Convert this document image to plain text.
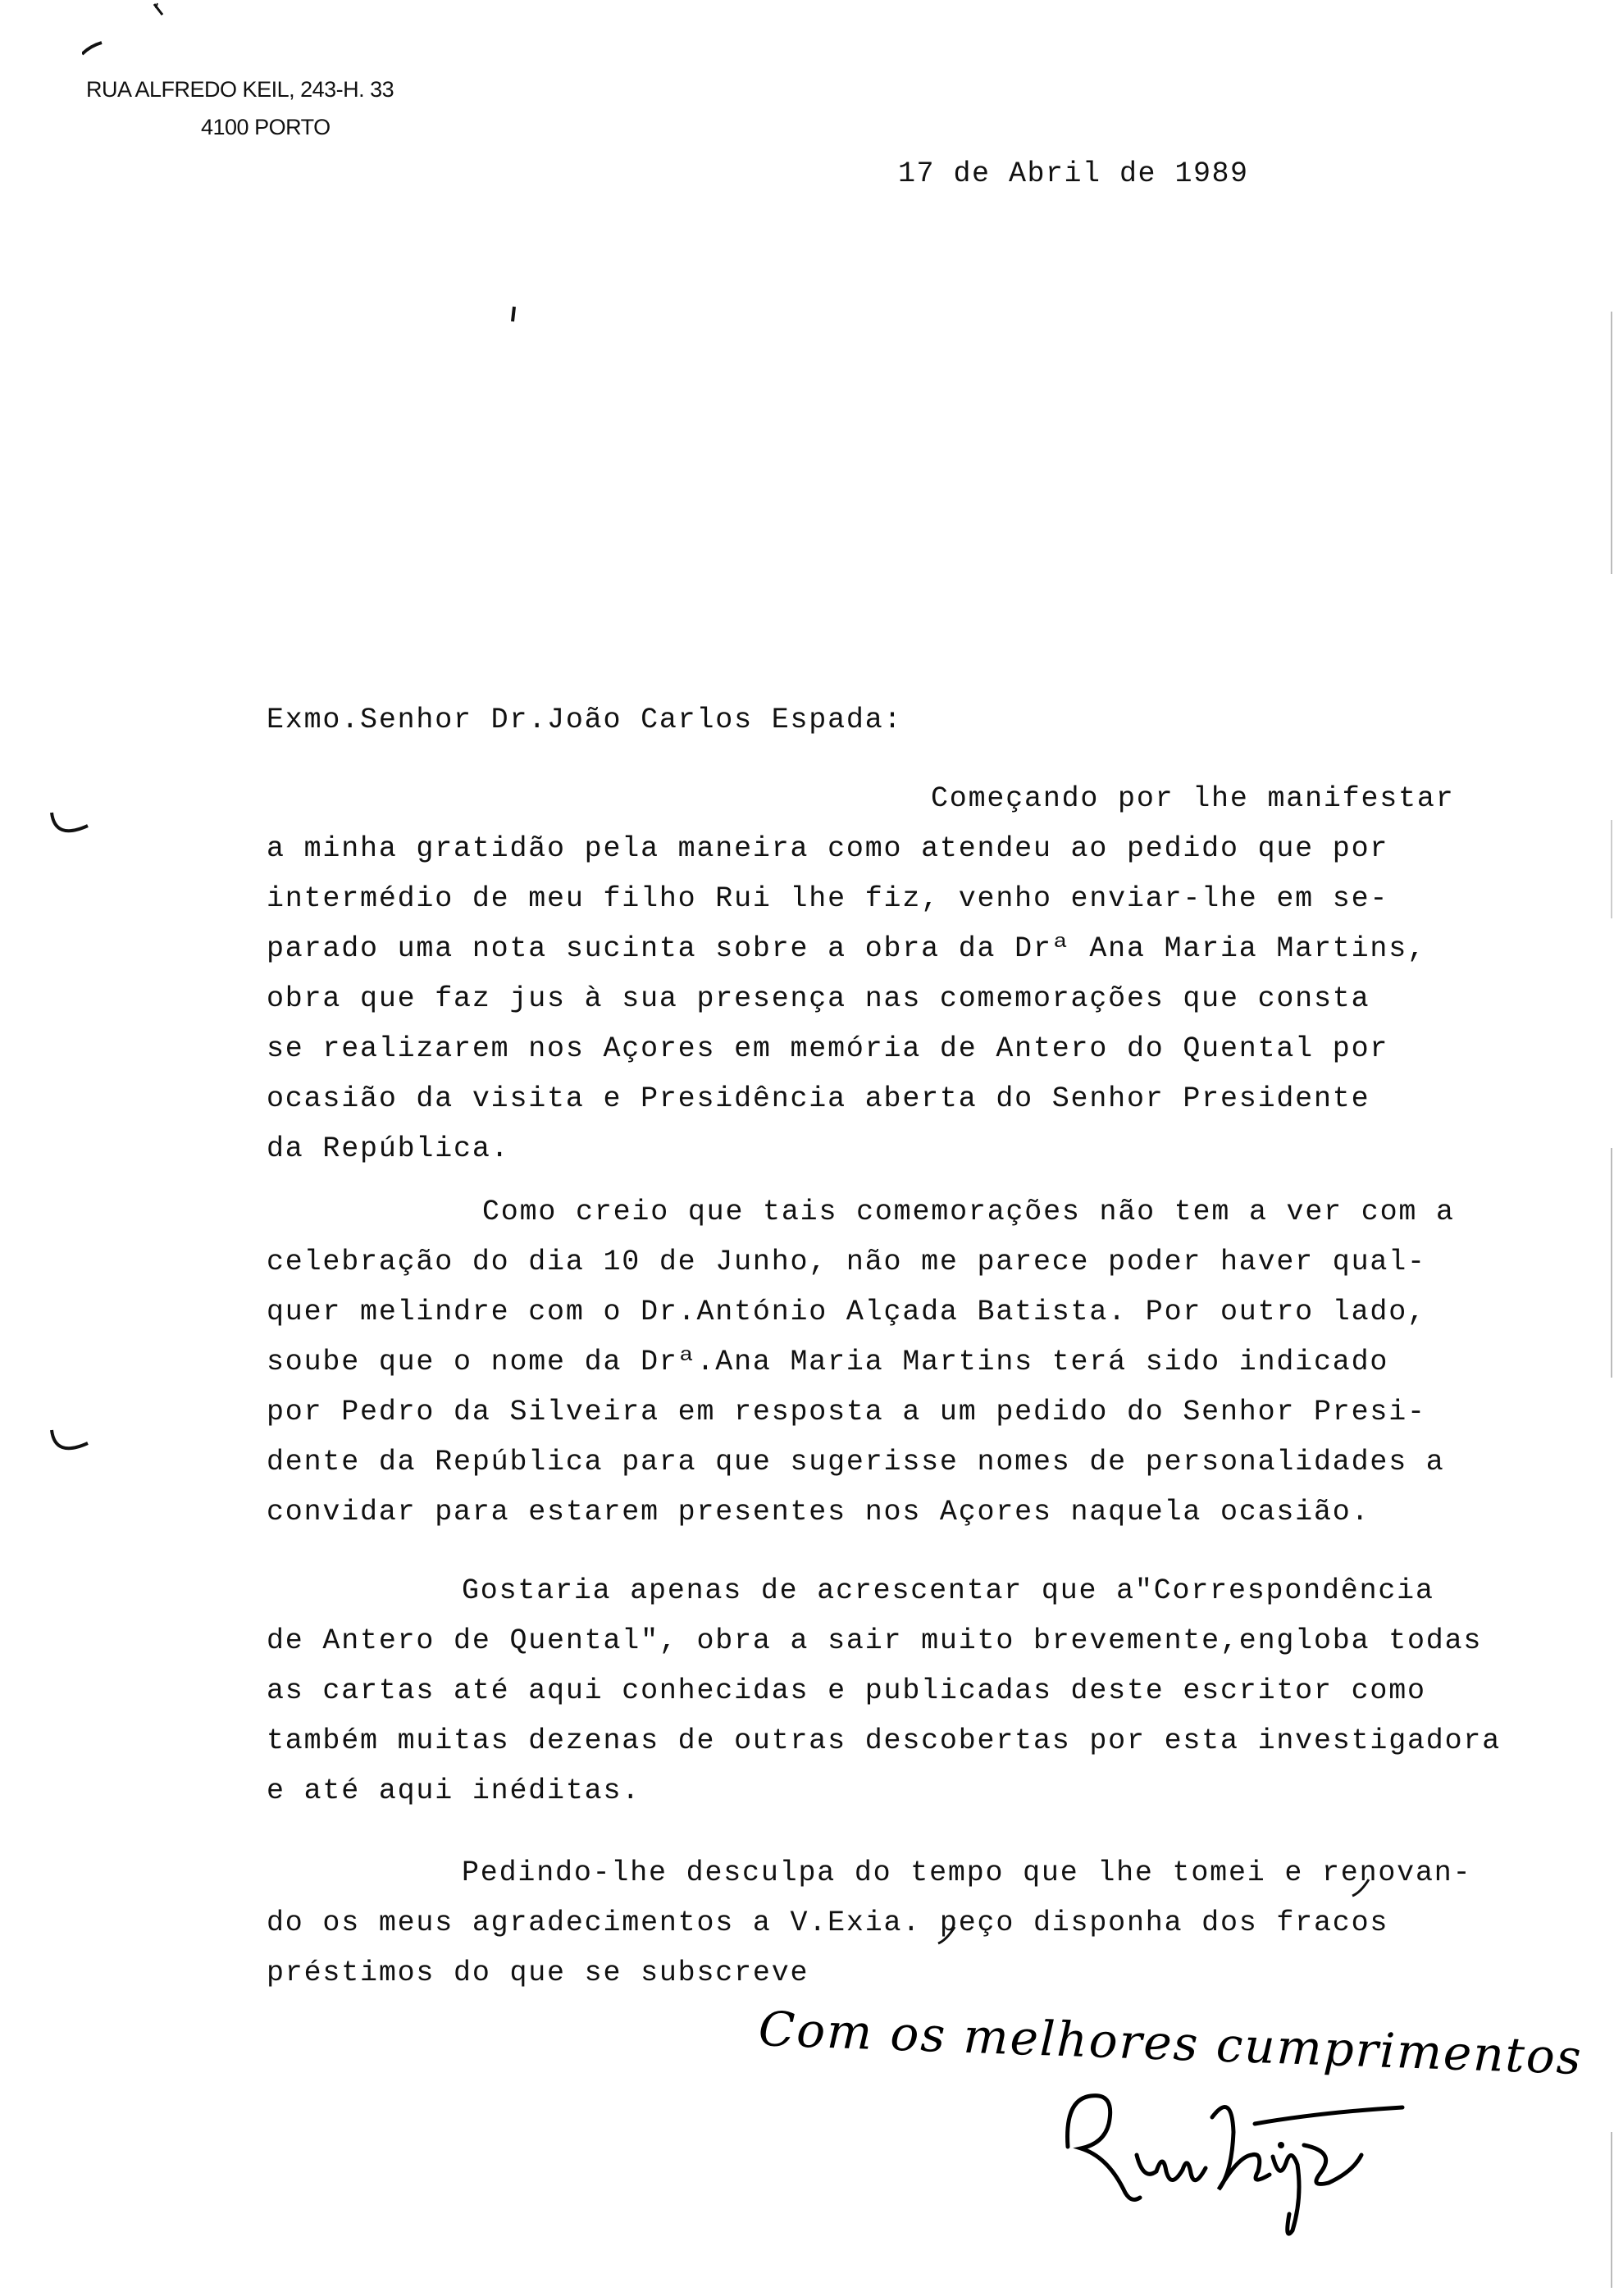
RUA ALFREDO KEIL, 243-H. 33
4100 PORTO
17 de Abril de 1989
Exmo.Senhor Dr.João Carlos Espada:
Começando por lhe manifestar
a minha gratidão pela maneira como atendeu ao pedido que por
intermédio de meu filho Rui lhe fiz, venho enviar-lhe em se-
parado uma nota sucinta sobre a obra da Drª Ana Maria Martins,
obra que faz jus à sua presença nas comemorações que consta
se realizarem nos Açores em memória de Antero do Quental por
ocasião da visita e Presidência aberta do Senhor Presidente
da República.
Como creio que tais comemorações não tem a ver com a
celebração do dia 10 de Junho, não me parece poder haver qual-
quer melindre com o Dr.António Alçada Batista. Por outro lado,
soube que o nome da Drª.Ana Maria Martins terá sido indicado
por Pedro da Silveira em resposta a um pedido do Senhor Presi-
dente da República para que sugerisse nomes de personalidades a
convidar para estarem presentes nos Açores naquela ocasião.
Gostaria apenas de acrescentar que a"Correspondência
de Antero de Quental", obra a sair muito brevemente,engloba todas
as cartas até aqui conhecidas e publicadas deste escritor como
também muitas dezenas de outras descobertas por esta investigadora
e até aqui inéditas.
Pedindo-lhe desculpa do tempo que lhe tomei e renovan-
do os meus agradecimentos a V.Exia. peço disponha dos fracos
préstimos do que se subscreve
Com os melhores cumprimentos
